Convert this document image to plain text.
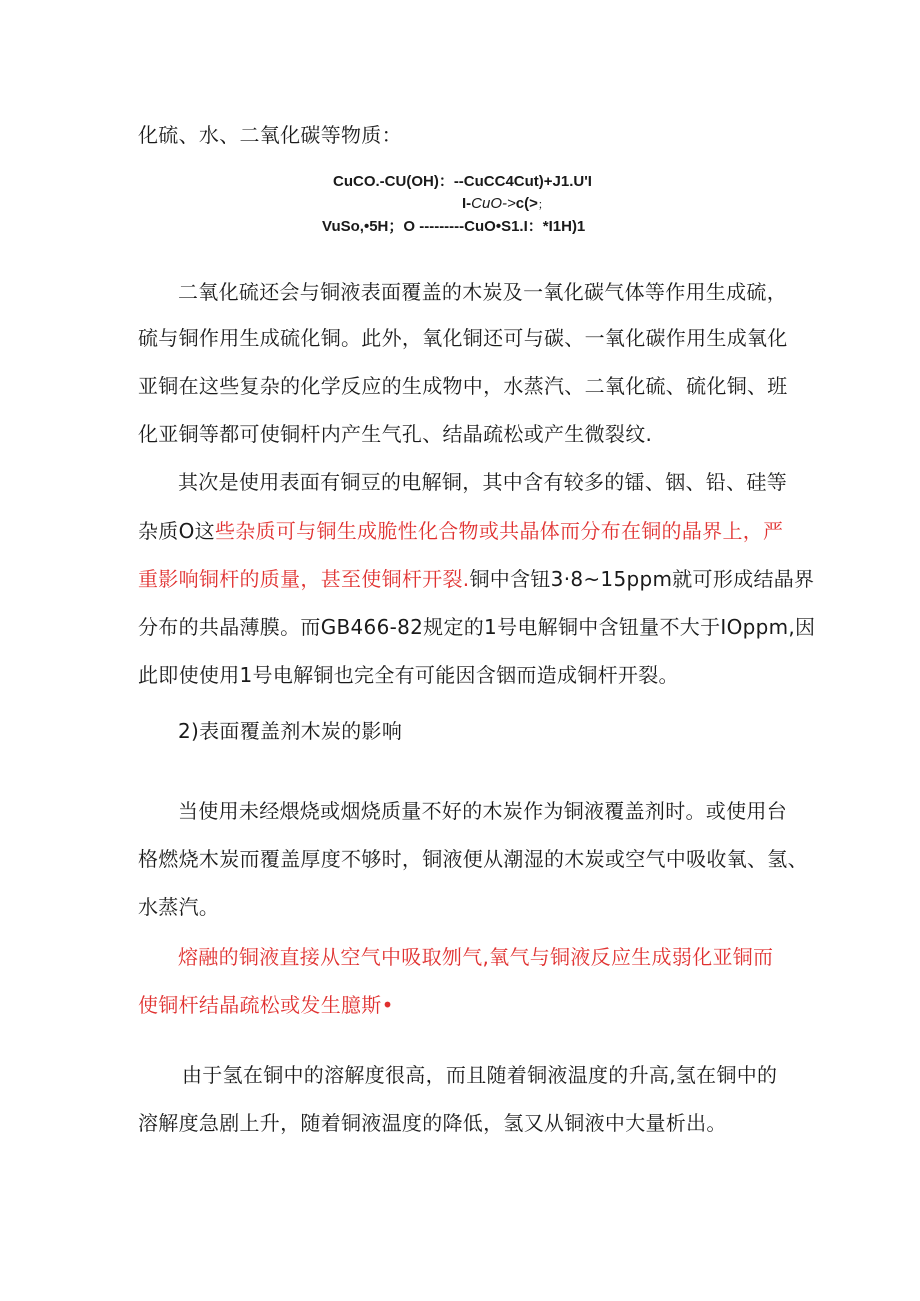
化硫、水、二氧化碳等物质：
CuCO.-CU(OH)：--CuCC4Cut)+J1.U'I
I-CuO->c(>；
VuSo,•5H；O ---------CuO•S1.I：*I1H)1
二氧化硫还会与铜液表面覆盖的木炭及一氧化碳气体等作用生成硫，
硫与铜作用生成硫化铜。此外，氧化铜还可与碳、一氧化碳作用生成氧化
亚铜在这些复杂的化学反应的生成物中，水蒸汽、二氧化硫、硫化铜、班
化亚铜等都可使铜杆内产生气孔、结晶疏松或产生微裂纹.
其次是使用表面有铜豆的电解铜，其中含有较多的镭、铟、铅、硅等
杂质O这些杂质可与铜生成脆性化合物或共晶体而分布在铜的晶界上，严
重影响铜杆的质量，甚至使铜杆开裂.铜中含钮3·8~15ppm就可形成结晶界
分布的共晶薄膜。而GB466-82规定的1号电解铜中含钮量不大于IOppm,因
此即使使用1号电解铜也完全有可能因含铟而造成铜杆开裂。
2)表面覆盖剂木炭的影响
当使用未经煨烧或烟烧质量不好的木炭作为铜液覆盖剂时。或使用台
格燃烧木炭而覆盖厚度不够时，铜液便从潮湿的木炭或空气中吸收氧、氢、
水蒸汽。
熔融的铜液直接从空气中吸取刎气,氧气与铜液反应生成弱化亚铜而
使铜杆结晶疏松或发生臆斯•
由于氢在铜中的溶解度很高，而且随着铜液温度的升高,氢在铜中的
溶解度急剧上升，随着铜液温度的降低，氢又从铜液中大量析出。
